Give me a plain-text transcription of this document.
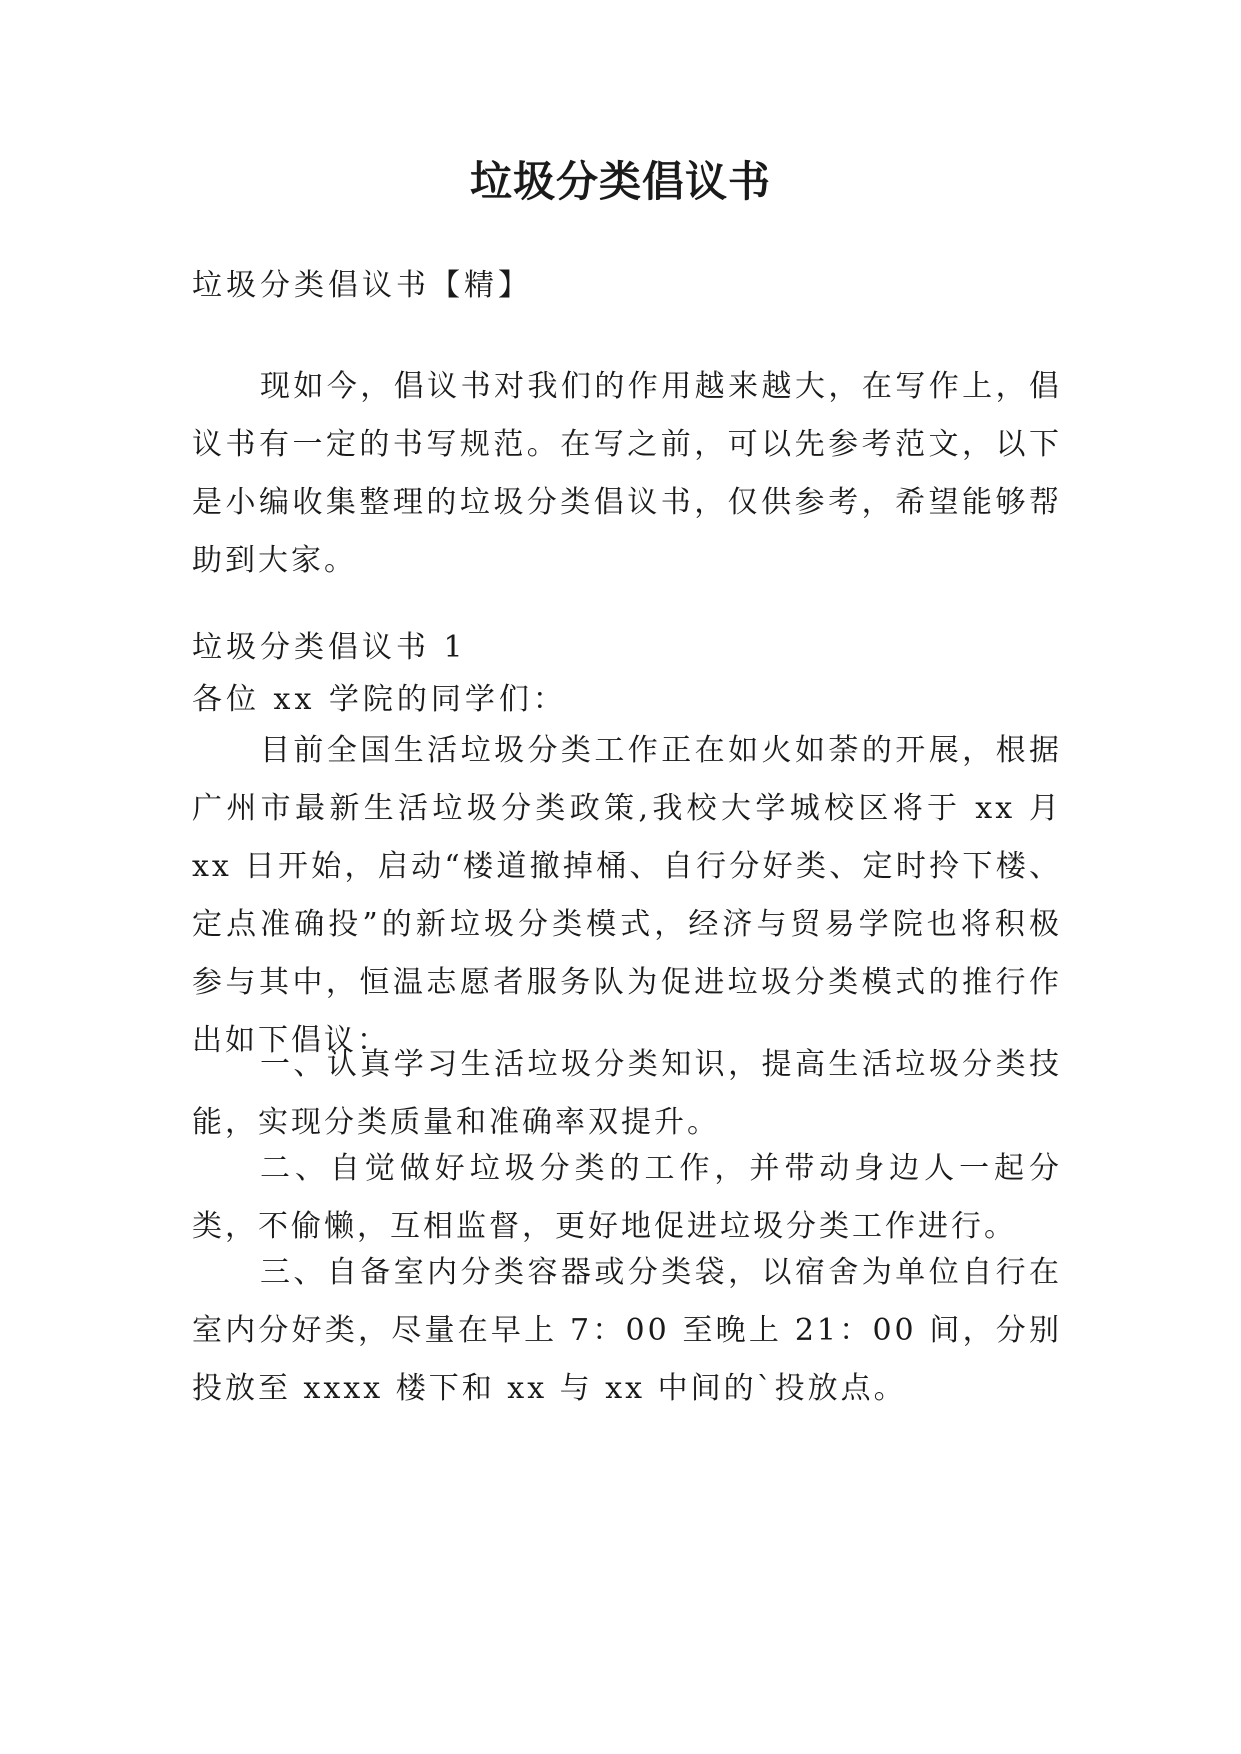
垃圾分类倡议书
垃圾分类倡议书【精】
现如今，倡议书对我们的作用越来越大，在写作上，倡议书有一定的书写规范。在写之前，可以先参考范文，以下是小编收集整理的垃圾分类倡议书，仅供参考，希望能够帮助到大家。
垃圾分类倡议书 1
各位 xx 学院的同学们：
目前全国生活垃圾分类工作正在如火如荼的开展，根据广州市最新生活垃圾分类政策,我校大学城校区将于 xx 月 xx 日开始，启动“楼道撤掉桶、自行分好类、定时拎下楼、定点准确投”的新垃圾分类模式，经济与贸易学院也将积极参与其中，恒温志愿者服务队为促进垃圾分类模式的推行作出如下倡议：
一、认真学习生活垃圾分类知识，提高生活垃圾分类技能，实现分类质量和准确率双提升。
二、自觉做好垃圾分类的工作，并带动身边人一起分类，不偷懒，互相监督，更好地促进垃圾分类工作进行。
三、自备室内分类容器或分类袋，以宿舍为单位自行在室内分好类，尽量在早上 7：00 至晚上 21：00 间，分别投放至 xxxx 楼下和 xx 与 xx 中间的`投放点。
